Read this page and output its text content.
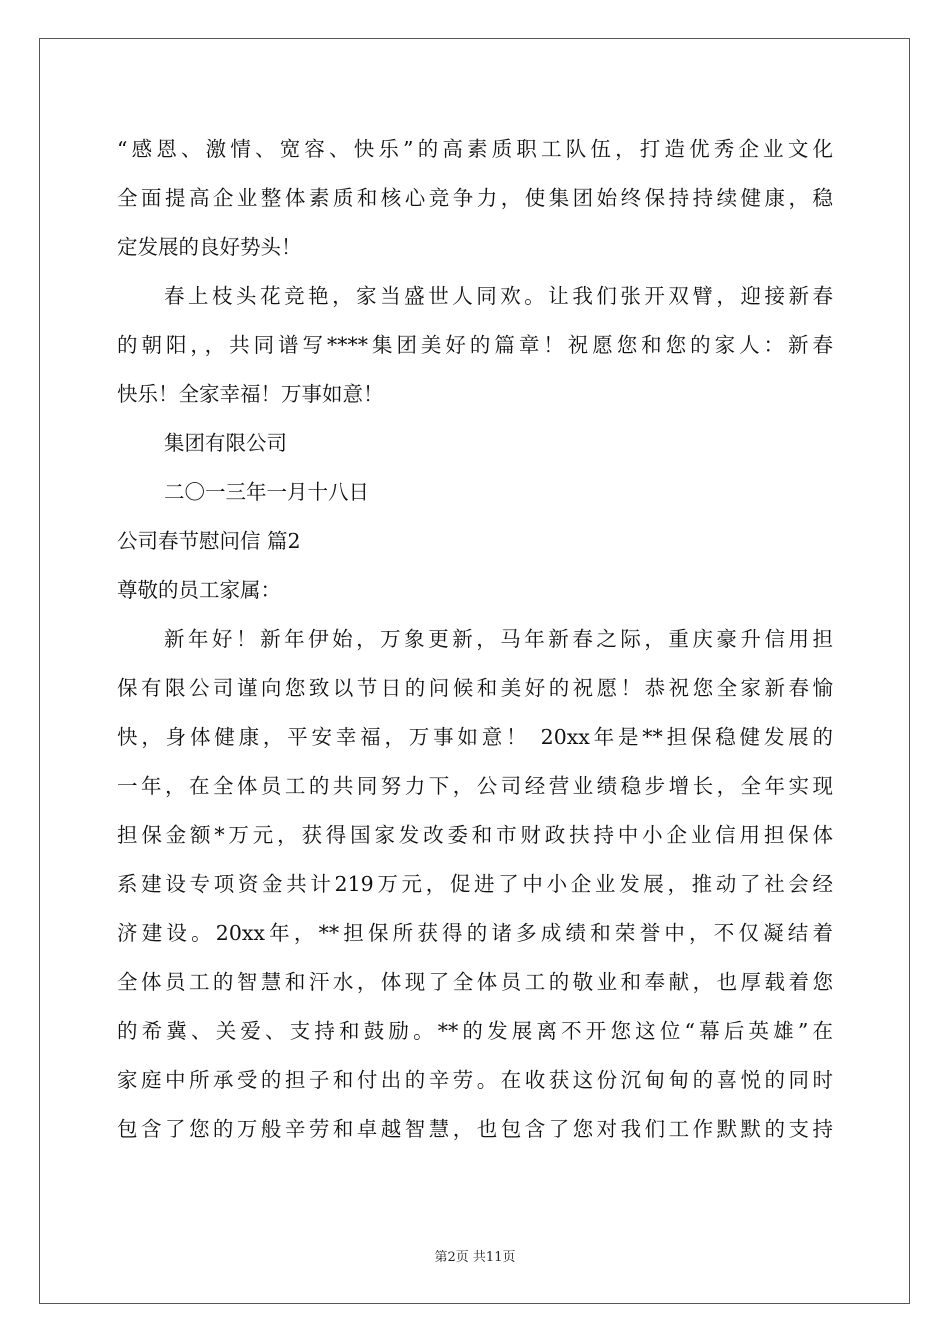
“感恩、激情、宽容、快乐”的高素质职工队伍，打造优秀企业文化
全面提高企业整体素质和核心竞争力，使集团始终保持持续健康，稳
定发展的良好势头！
春上枝头花竞艳，家当盛世人同欢。让我们张开双臂，迎接新春
的朝阳，，共同谱写****集团美好的篇章！祝愿您和您的家人：新春
快乐！全家幸福！万事如意！
集团有限公司
二〇一三年一月十八日
公司春节慰问信 篇2
尊敬的员工家属：
新年好！新年伊始，万象更新，马年新春之际，重庆豪升信用担
保有限公司谨向您致以节日的问候和美好的祝愿！恭祝您全家新春愉
快，身体健康，平安幸福，万事如意！ 20xx年是**担保稳健发展的
一年，在全体员工的共同努力下，公司经营业绩稳步增长，全年实现
担保金额*万元，获得国家发改委和市财政扶持中小企业信用担保体
系建设专项资金共计219万元，促进了中小企业发展，推动了社会经
济建设。20xx年，**担保所获得的诸多成绩和荣誉中，不仅凝结着
全体员工的智慧和汗水，体现了全体员工的敬业和奉献，也厚载着您
的希冀、关爱、支持和鼓励。**的发展离不开您这位“幕后英雄”在
家庭中所承受的担子和付出的辛劳。在收获这份沉甸甸的喜悦的同时
包含了您的万般辛劳和卓越智慧，也包含了您对我们工作默默的支持
第2页 共11页
